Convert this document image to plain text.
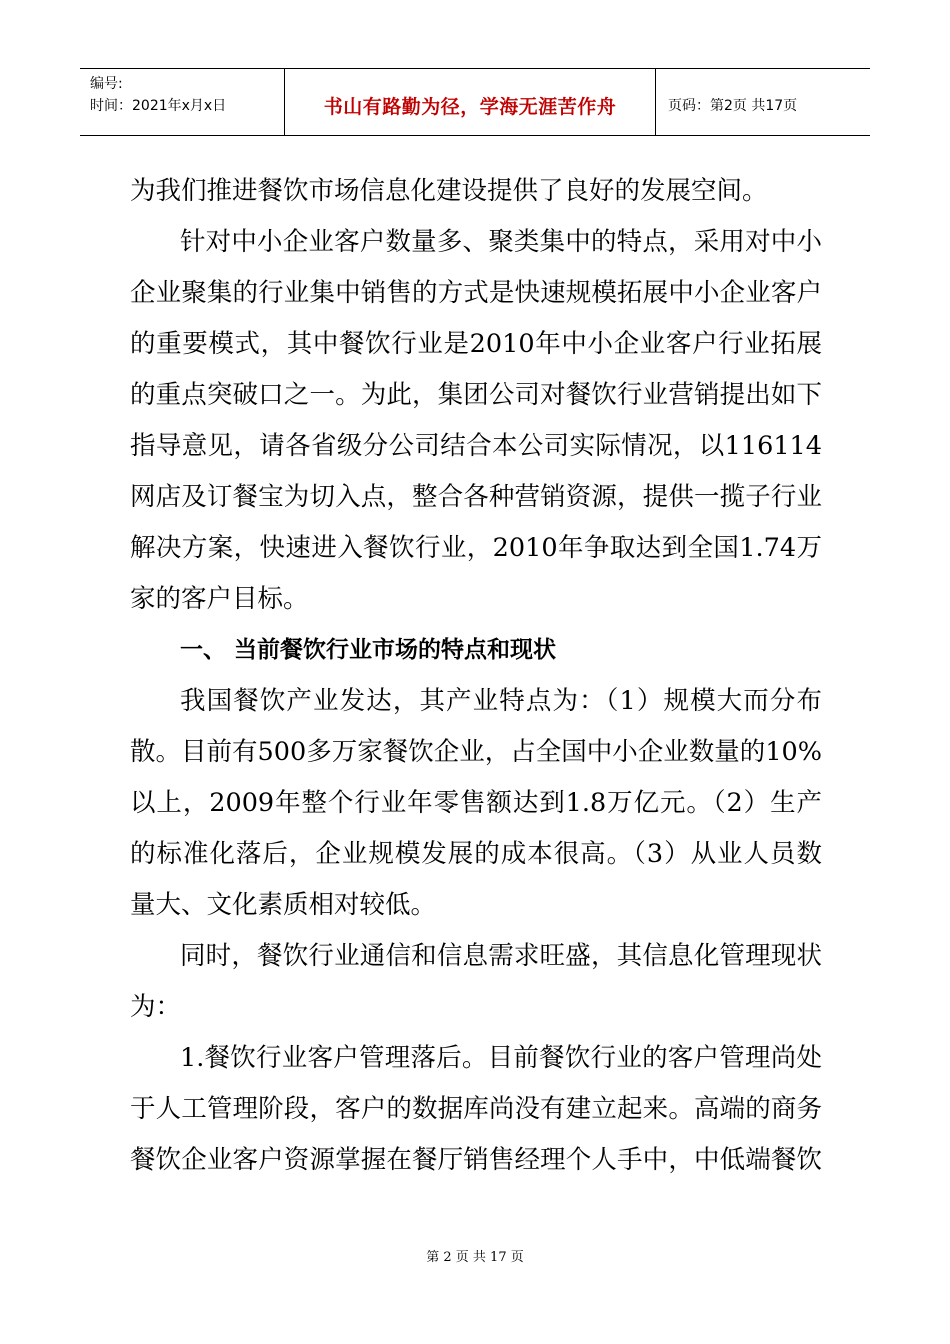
编号:
时间：2021年x月x日	书山有路勤为径，学海无涯苦作舟	页码：第2页 共17页
为我们推进餐饮市场信息化建设提供了良好的发展空间。
针对中小企业客户数量多、聚类集中的特点，采用对中小
企业聚集的行业集中销售的方式是快速规模拓展中小企业客户
的重要模式，其中餐饮行业是2010年中小企业客户行业拓展
的重点突破口之一。为此，集团公司对餐饮行业营销提出如下
指导意见，请各省级分公司结合本公司实际情况，以116114
网店及订餐宝为切入点，整合各种营销资源，提供一揽子行业
解决方案，快速进入餐饮行业，2010年争取达到全国1.74万
家的客户目标。
一、 当前餐饮行业市场的特点和现状
我国餐饮产业发达，其产业特点为：（1）规模大而分布
散。目前有500多万家餐饮企业，占全国中小企业数量的10%
以上，2009年整个行业年零售额达到1.8万亿元。（2）生产
的标准化落后，企业规模发展的成本很高。（3）从业人员数
量大、文化素质相对较低。
同时，餐饮行业通信和信息需求旺盛，其信息化管理现状
为：
1.餐饮行业客户管理落后。目前餐饮行业的客户管理尚处
于人工管理阶段，客户的数据库尚没有建立起来。高端的商务
餐饮企业客户资源掌握在餐厅销售经理个人手中，中低端餐饮
第 2 页 共 17 页
